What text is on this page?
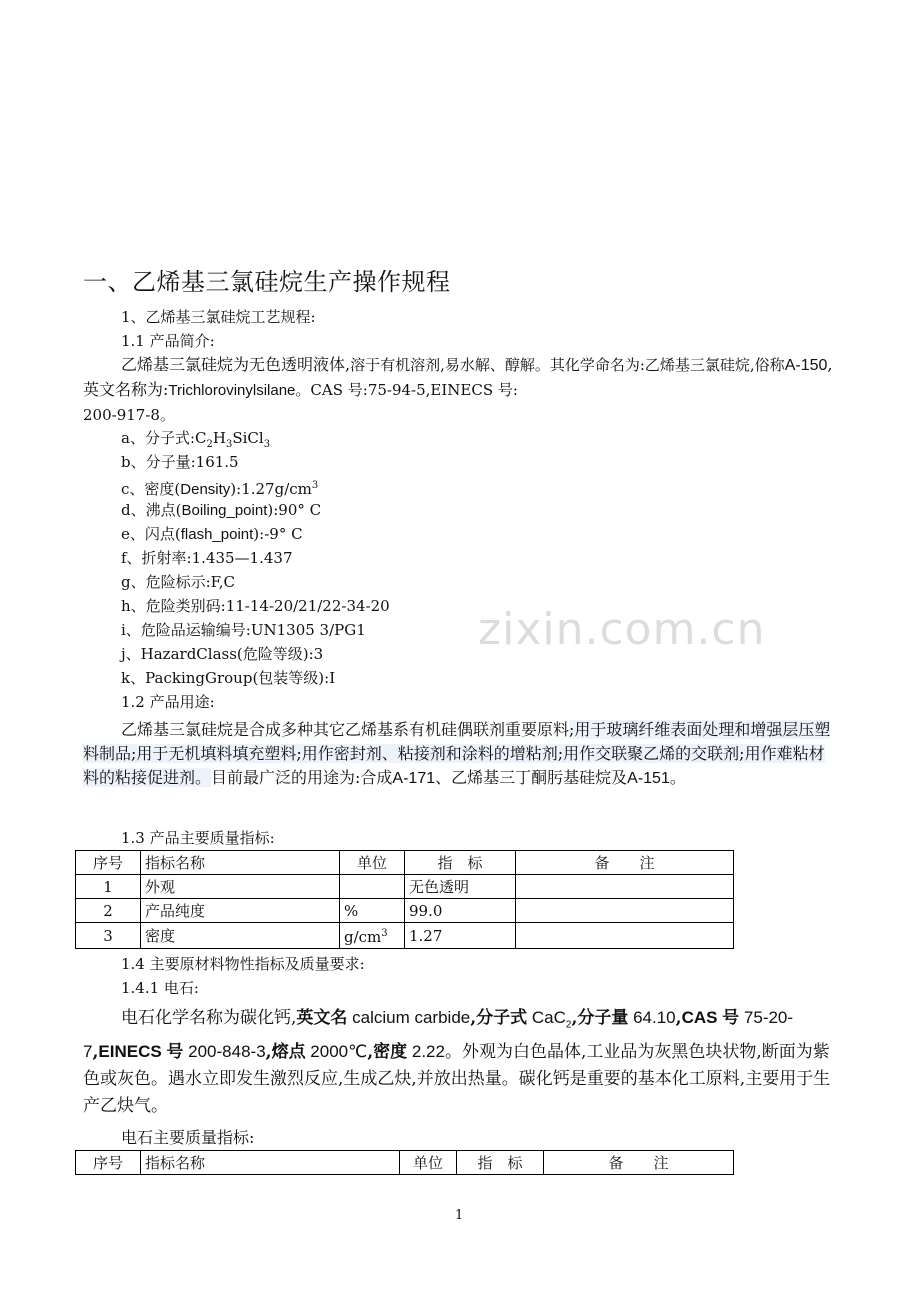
一、乙烯基三氯硅烷生产操作规程
1、乙烯基三氯硅烷工艺规程:
1.1 产品简介:
乙烯基三氯硅烷为无色透明液体,溶于有机溶剂,易水解、醇解。其化学命名为:乙烯基三氯硅烷,俗称A-150,英文名称为:Trichlorovinylsilane。CAS 号:75-94-5,EINECS 号:
200-917-8。
a、分子式$:C_2H_3SiCl_3$
b、分子量:161.5
c、密度$(Density):1.27g/cm^3$
d、沸点(Boiling_point):90° C
e、闪点(flash_point):-9° C
f、折射率:1.435—1.437
g、危险标示:F,C
h、危险类别码:11-14-20/21/22-34-20
i、危险品运输编号:UN1305 3/PG1
j、HazardClass(危险等级):3
k、PackingGroup(包装等级):Ⅰ
1.2 产品用途:
乙烯基三氯硅烷是合成多种其它乙烯基系有机硅偶联剂重要原料;用于玻璃纤维表面处理和增强层压塑料制品;用于无机填料填充塑料;用作密封剂、粘接剂和涂料的增粘剂;用作交联聚乙烯的交联剂;用作难粘材料的粘接促进剂。目前最广泛的用途为:合成A-171、乙烯基三丁酮肟基硅烷及A-151。
1.3 产品主要质量指标:
序号	指标名称	单位	指　标	备　　注
1	外观		无色透明	
2	产品纯度	%	99.0	
3	密度	$g/cm^3$	1.27	
1.4 主要原材料物性指标及质量要求:
1.4.1 电石:
电石化学名称为碳化钙,英文名 calcium carbide,分子式 CaC$_2$,分子量 64.10,CAS 号 75-20-7,EINECS 号 200-848-3,熔点 2000℃,密度 2.22。外观为白色晶体,工业品为灰黑色块状物,断面为紫色或灰色。遇水立即发生激烈反应,生成乙炔,并放出热量。碳化钙是重要的基本化工原料,主要用于生产乙炔气。
电石主要质量指标:
序号	指标名称	单位	指　标	备　　注
zixin.com.cn
1
